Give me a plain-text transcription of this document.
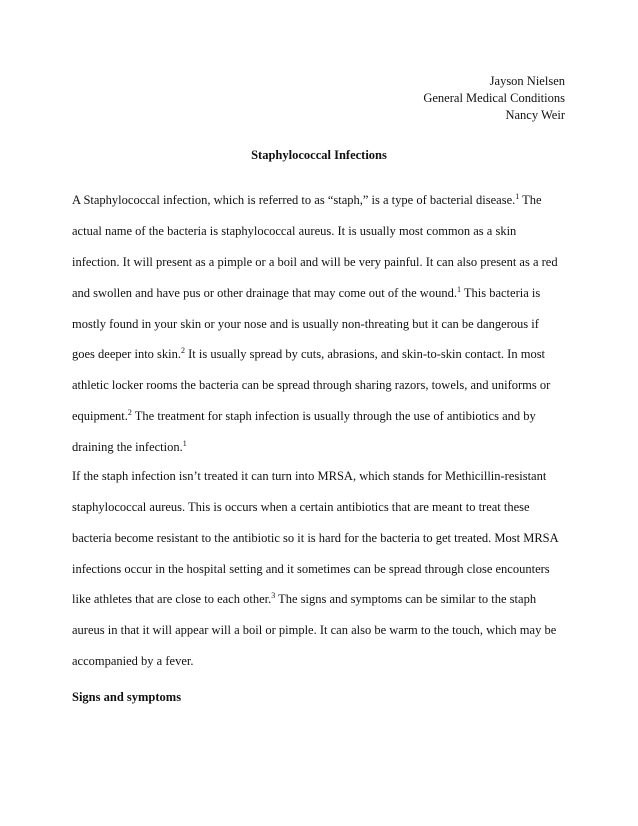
Jayson Nielsen
General Medical Conditions
Nancy Weir
Staphylococcal Infections
A Staphylococcal infection, which is referred to as “staph,” is a type of bacterial disease.$^1$ The
actual name of the bacteria is staphylococcal aureus. It is usually most common as a skin
infection. It will present as a pimple or a boil and will be very painful. It can also present as a red
and swollen and have pus or other drainage that may come out of the wound.$^1$ This bacteria is
mostly found in your skin or your nose and is usually non-threating but it can be dangerous if
goes deeper into skin.$^2$ It is usually spread by cuts, abrasions, and skin-to-skin contact. In most
athletic locker rooms the bacteria can be spread through sharing razors, towels, and uniforms or
equipment.$^2$ The treatment for staph infection is usually through the use of antibiotics and by
draining the infection.$^1$
If the staph infection isn’t treated it can turn into MRSA, which stands for Methicillin-resistant
staphylococcal aureus. This is occurs when a certain antibiotics that are meant to treat these
bacteria become resistant to the antibiotic so it is hard for the bacteria to get treated. Most MRSA
infections occur in the hospital setting and it sometimes can be spread through close encounters
like athletes that are close to each other.$^3$ The signs and symptoms can be similar to the staph
aureus in that it will appear will a boil or pimple. It can also be warm to the touch, which may be
accompanied by a fever.
Signs and symptoms
